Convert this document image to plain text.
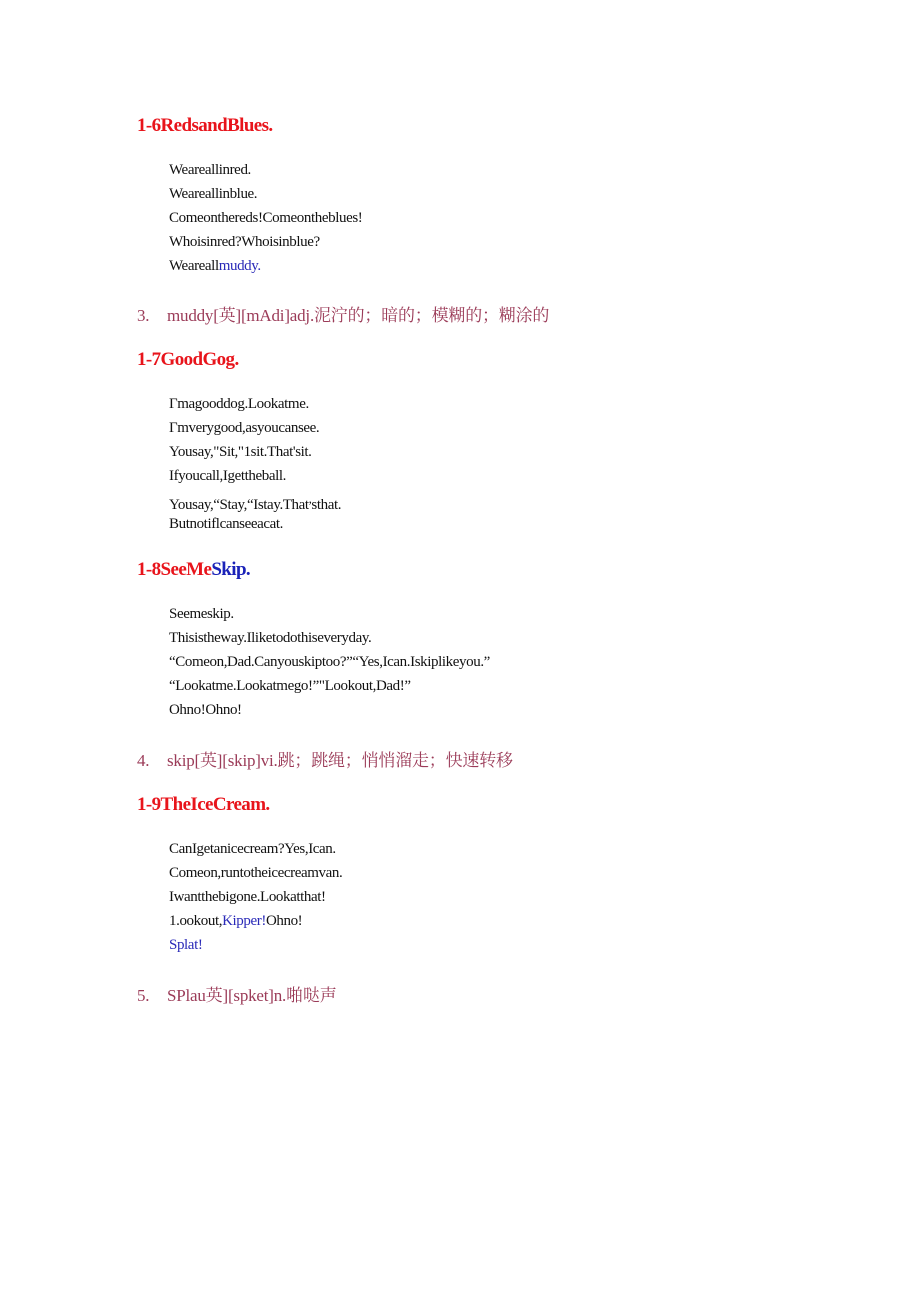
1-6RedsandBlues.
Weareallinred.
Weareallinblue.
Comeonthereds!Comeontheblues!
Whoisinred?Whoisinblue?
Weareallmuddy.
3. muddy[英][mAdi]adj.泥泞的；暗的；模糊的；糊涂的
1-7GoodGog.
Γmagooddog.Lookatme.
Γmverygood,asyoucansee.
Yousay,"Sit,"1sit.That'sit.
Ifyoucall,Igettheball.
Yousay,“Stay,“Istay.That,sthat.
Butnotiflcanseeacat.
1-8SeeMeSkip.
Seemeskip.
Thisistheway.Iliketodothiseveryday.
“Comeon,Dad.Canyouskiptoo?”“Yes,Ican.Iskiplikeyou.”
“Lookatme.Lookatmego!”"Lookout,Dad!”
Ohno!Ohno!
4. skip[英][skip]vi.跳；跳绳；悄悄溜走；快速转移
1-9TheIceCream.
CanIgetanicecream?Yes,Ican.
Comeon,runtotheicecreamvan.
Iwantthebigone.Lookatthat!
1.ookout,Kipper!Ohno!
Splat!
5. SPlau英][spket]n.啪哒声
